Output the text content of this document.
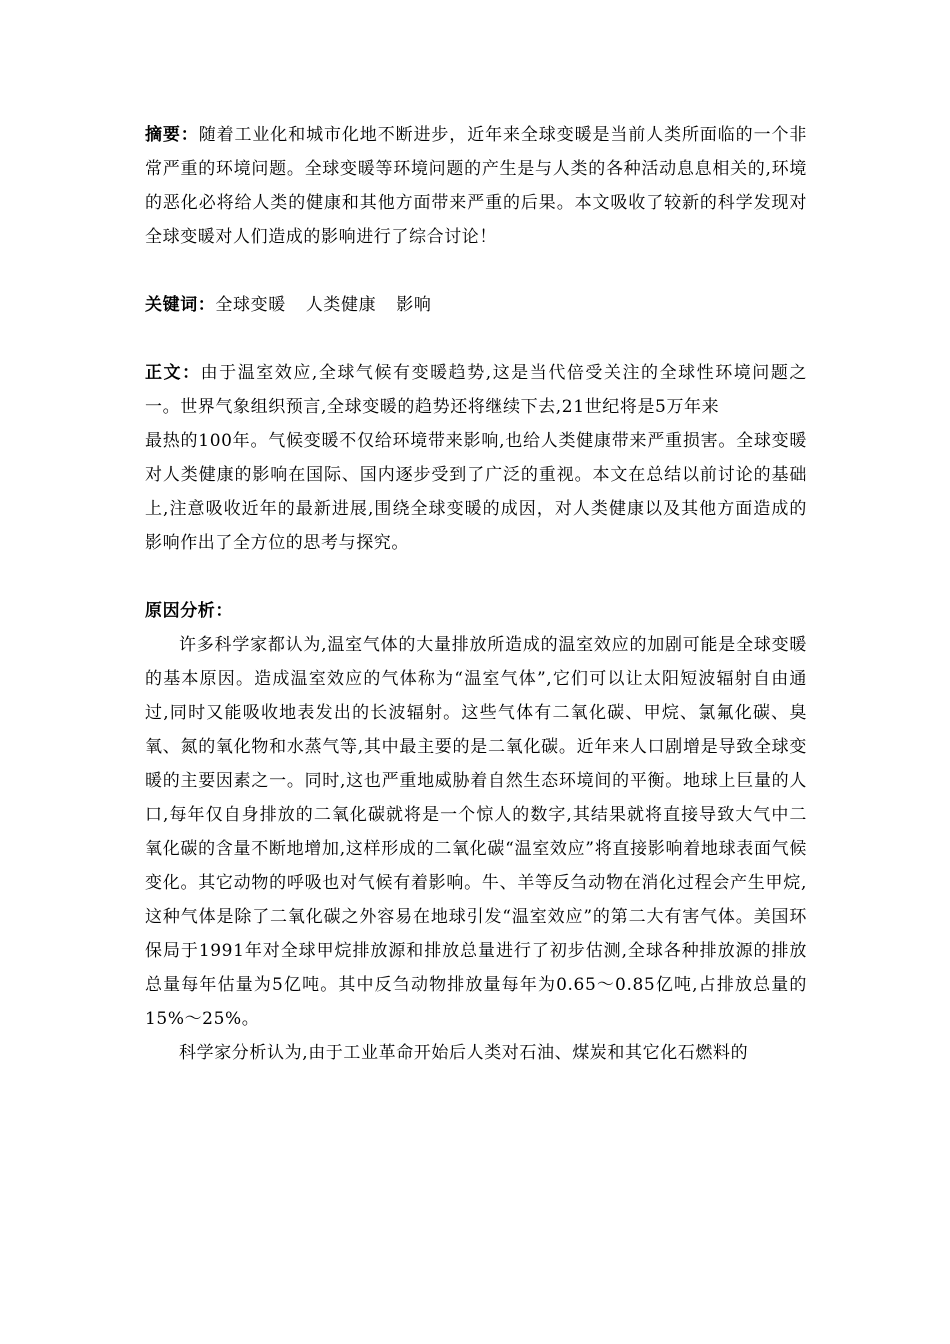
摘要：随着工业化和城市化地不断进步，近年来全球变暖是当前人类所面临的一个非常严重的环境问题。全球变暖等环境问题的产生是与人类的各种活动息息相关的,环境的恶化必将给人类的健康和其他方面带来严重的后果。本文吸收了较新的科学发现对全球变暖对人们造成的影响进行了综合讨论！

关键词：全球变暖 人类健康 影响

正文：由于温室效应,全球气候有变暖趋势,这是当代倍受关注的全球性环境问题之一。世界气象组织预言,全球变暖的趋势还将继续下去,21世纪将是5万年来

最热的100年。气候变暖不仅给环境带来影响,也给人类健康带来严重损害。全球变暖对人类健康的影响在国际、国内逐步受到了广泛的重视。本文在总结以前讨论的基础上,注意吸收近年的最新进展,围绕全球变暖的成因，对人类健康以及其他方面造成的影响作出了全方位的思考与探究。

原因分析：

许多科学家都认为,温室气体的大量排放所造成的温室效应的加剧可能是全球变暖的基本原因。造成温室效应的气体称为“温室气体”,它们可以让太阳短波辐射自由通过,同时又能吸收地表发出的长波辐射。这些气体有二氧化碳、甲烷、氯氟化碳、臭氧、氮的氧化物和水蒸气等,其中最主要的是二氧化碳。近年来人口剧增是导致全球变暖的主要因素之一。同时,这也严重地威胁着自然生态环境间的平衡。地球上巨量的人口,每年仅自身排放的二氧化碳就将是一个惊人的数字,其结果就将直接导致大气中二氧化碳的含量不断地增加,这样形成的二氧化碳“温室效应”将直接影响着地球表面气候变化。其它动物的呼吸也对气候有着影响。牛、羊等反刍动物在消化过程会产生甲烷,这种气体是除了二氧化碳之外容易在地球引发“温室效应”的第二大有害气体。美国环保局于1991年对全球甲烷排放源和排放总量进行了初步估测,全球各种排放源的排放总量每年估量为5亿吨。其中反刍动物排放量每年为0.65～0.85亿吨,占排放总量的15%～25%。

科学家分析认为,由于工业革命开始后人类对石油、煤炭和其它化石燃料的
